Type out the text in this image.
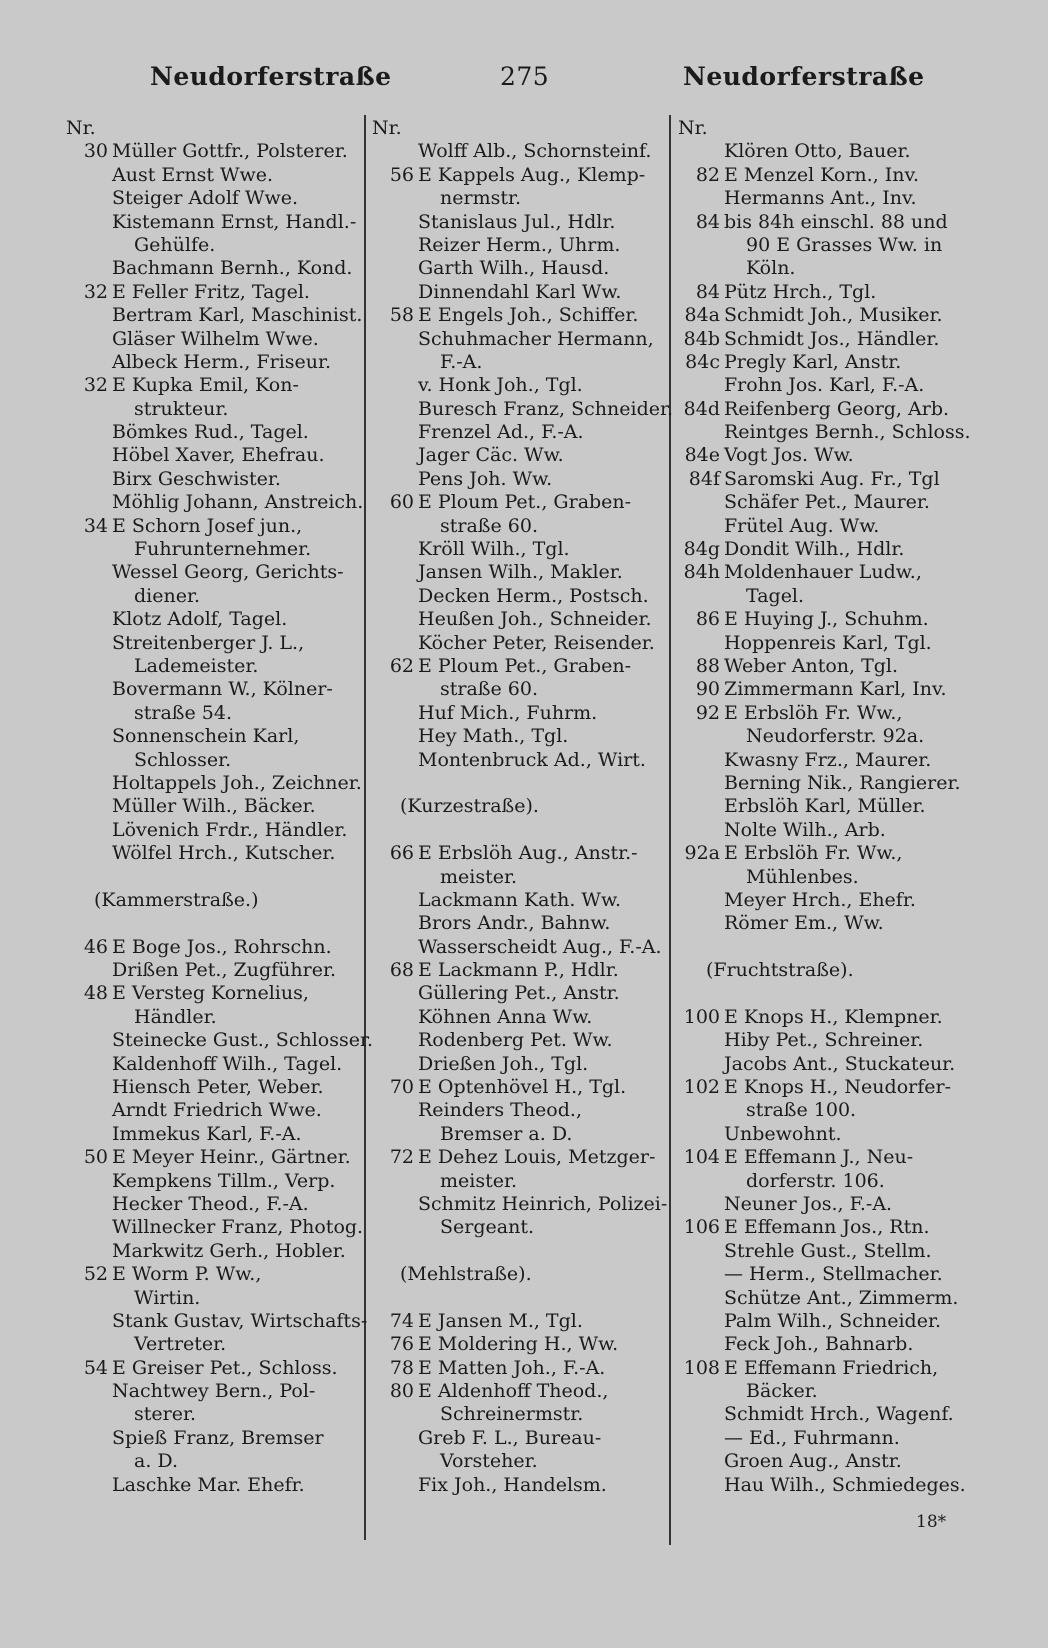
Neudorferstraße	275	Neudorferstraße
Nr.
30 Müller Gottfr., Polsterer.
Aust Ernst Wwe.
Steiger Adolf Wwe.
Kistemann Ernst, Handl.-
Gehülfe.
Bachmann Bernh., Kond.
32 E Feller Fritz, Tagel.
Bertram Karl, Maschinist.
Gläser Wilhelm Wwe.
Albeck Herm., Friseur.
32 E Kupka Emil, Kon-
strukteur.
Bömkes Rud., Tagel.
Höbel Xaver, Ehefrau.
Birx Geschwister.
Möhlig Johann, Anstreich.
34 E Schorn Josef jun.,
Fuhrunternehmer.
Wessel Georg, Gerichts-
diener.
Klotz Adolf, Tagel.
Streitenberger J. L.,
Lademeister.
Bovermann W., Kölner-
straße 54.
Sonnenschein Karl,
Schlosser.
Holtappels Joh., Zeichner.
Müller Wilh., Bäcker.
Lövenich Frdr., Händler.
Wölfel Hrch., Kutscher.
(Kammerstraße.)
46 E Boge Jos., Rohrschn.
Drißen Pet., Zugführer.
48 E Versteg Kornelius,
Händler.
Steinecke Gust., Schlosser.
Kaldenhoff Wilh., Tagel.
Hiensch Peter, Weber.
Arndt Friedrich Wwe.
Immekus Karl, F.-A.
50 E Meyer Heinr., Gärtner.
Kempkens Tillm., Verp.
Hecker Theod., F.-A.
Willnecker Franz, Photog.
Markwitz Gerh., Hobler.
52 E Worm P. Ww.,
Wirtin.
Stank Gustav, Wirtschafts-
Vertreter.
54 E Greiser Pet., Schloss.
Nachtwey Bern., Pol-
sterer.
Spieß Franz, Bremser
a. D.
Laschke Mar. Ehefr.
Nr.
Wolff Alb., Schornsteinf.
56 E Kappels Aug., Klemp-
nermstr.
Stanislaus Jul., Hdlr.
Reizer Herm., Uhrm.
Garth Wilh., Hausd.
Dinnendahl Karl Ww.
58 E Engels Joh., Schiffer.
Schuhmacher Hermann,
F.-A.
v. Honk Joh., Tgl.
Buresch Franz, Schneider.
Frenzel Ad., F.-A.
Jager Cäc. Ww.
Pens Joh. Ww.
60 E Ploum Pet., Graben-
straße 60.
Kröll Wilh., Tgl.
Jansen Wilh., Makler.
Decken Herm., Postsch.
Heußen Joh., Schneider.
Köcher Peter, Reisender.
62 E Ploum Pet., Graben-
straße 60.
Huf Mich., Fuhrm.
Hey Math., Tgl.
Montenbruck Ad., Wirt.
(Kurzestraße).
66 E Erbslöh Aug., Anstr.-
meister.
Lackmann Kath. Ww.
Brors Andr., Bahnw.
Wasserscheidt Aug., F.-A.
68 E Lackmann P., Hdlr.
Güllering Pet., Anstr.
Köhnen Anna Ww.
Rodenberg Pet. Ww.
Drießen Joh., Tgl.
70 E Optenhövel H., Tgl.
Reinders Theod.,
Bremser a. D.
72 E Dehez Louis, Metzger-
meister.
Schmitz Heinrich, Polizei-
Sergeant.
(Mehlstraße).
74 E Jansen M., Tgl.
76 E Moldering H., Ww.
78 E Matten Joh., F.-A.
80 E Aldenhoff Theod.,
Schreinermstr.
Greb F. L., Bureau-
Vorsteher.
Fix Joh., Handelsm.
Nr.
Klören Otto, Bauer.
82 E Menzel Korn., Inv.
Hermanns Ant., Inv.
84 bis 84h einschl. 88 und
90 E Grasses Ww. in
Köln.
84 Pütz Hrch., Tgl.
84a Schmidt Joh., Musiker.
84b Schmidt Jos., Händler.
84c Pregly Karl, Anstr.
Frohn Jos. Karl, F.-A.
84d Reifenberg Georg, Arb.
Reintges Bernh., Schloss.
84e Vogt Jos. Ww.
84f Saromski Aug. Fr., Tgl
Schäfer Pet., Maurer.
Frütel Aug. Ww.
84g Dondit Wilh., Hdlr.
84h Moldenhauer Ludw.,
Tagel.
86 E Huying J., Schuhm.
Hoppenreis Karl, Tgl.
88 Weber Anton, Tgl.
90 Zimmermann Karl, Inv.
92 E Erbslöh Fr. Ww.,
Neudorferstr. 92a.
Kwasny Frz., Maurer.
Berning Nik., Rangierer.
Erbslöh Karl, Müller.
Nolte Wilh., Arb.
92a E Erbslöh Fr. Ww.,
Mühlenbes.
Meyer Hrch., Ehefr.
Römer Em., Ww.
(Fruchtstraße).
100 E Knops H., Klempner.
Hiby Pet., Schreiner.
Jacobs Ant., Stuckateur.
102 E Knops H., Neudorfer-
straße 100.
Unbewohnt.
104 E Effemann J., Neu-
dorferstr. 106.
Neuner Jos., F.-A.
106 E Effemann Jos., Rtn.
Strehle Gust., Stellm.
— Herm., Stellmacher.
Schütze Ant., Zimmerm.
Palm Wilh., Schneider.
Feck Joh., Bahnarb.
108 E Effemann Friedrich,
Bäcker.
Schmidt Hrch., Wagenf.
— Ed., Fuhrmann.
Groen Aug., Anstr.
Hau Wilh., Schmiedeges.
18*
